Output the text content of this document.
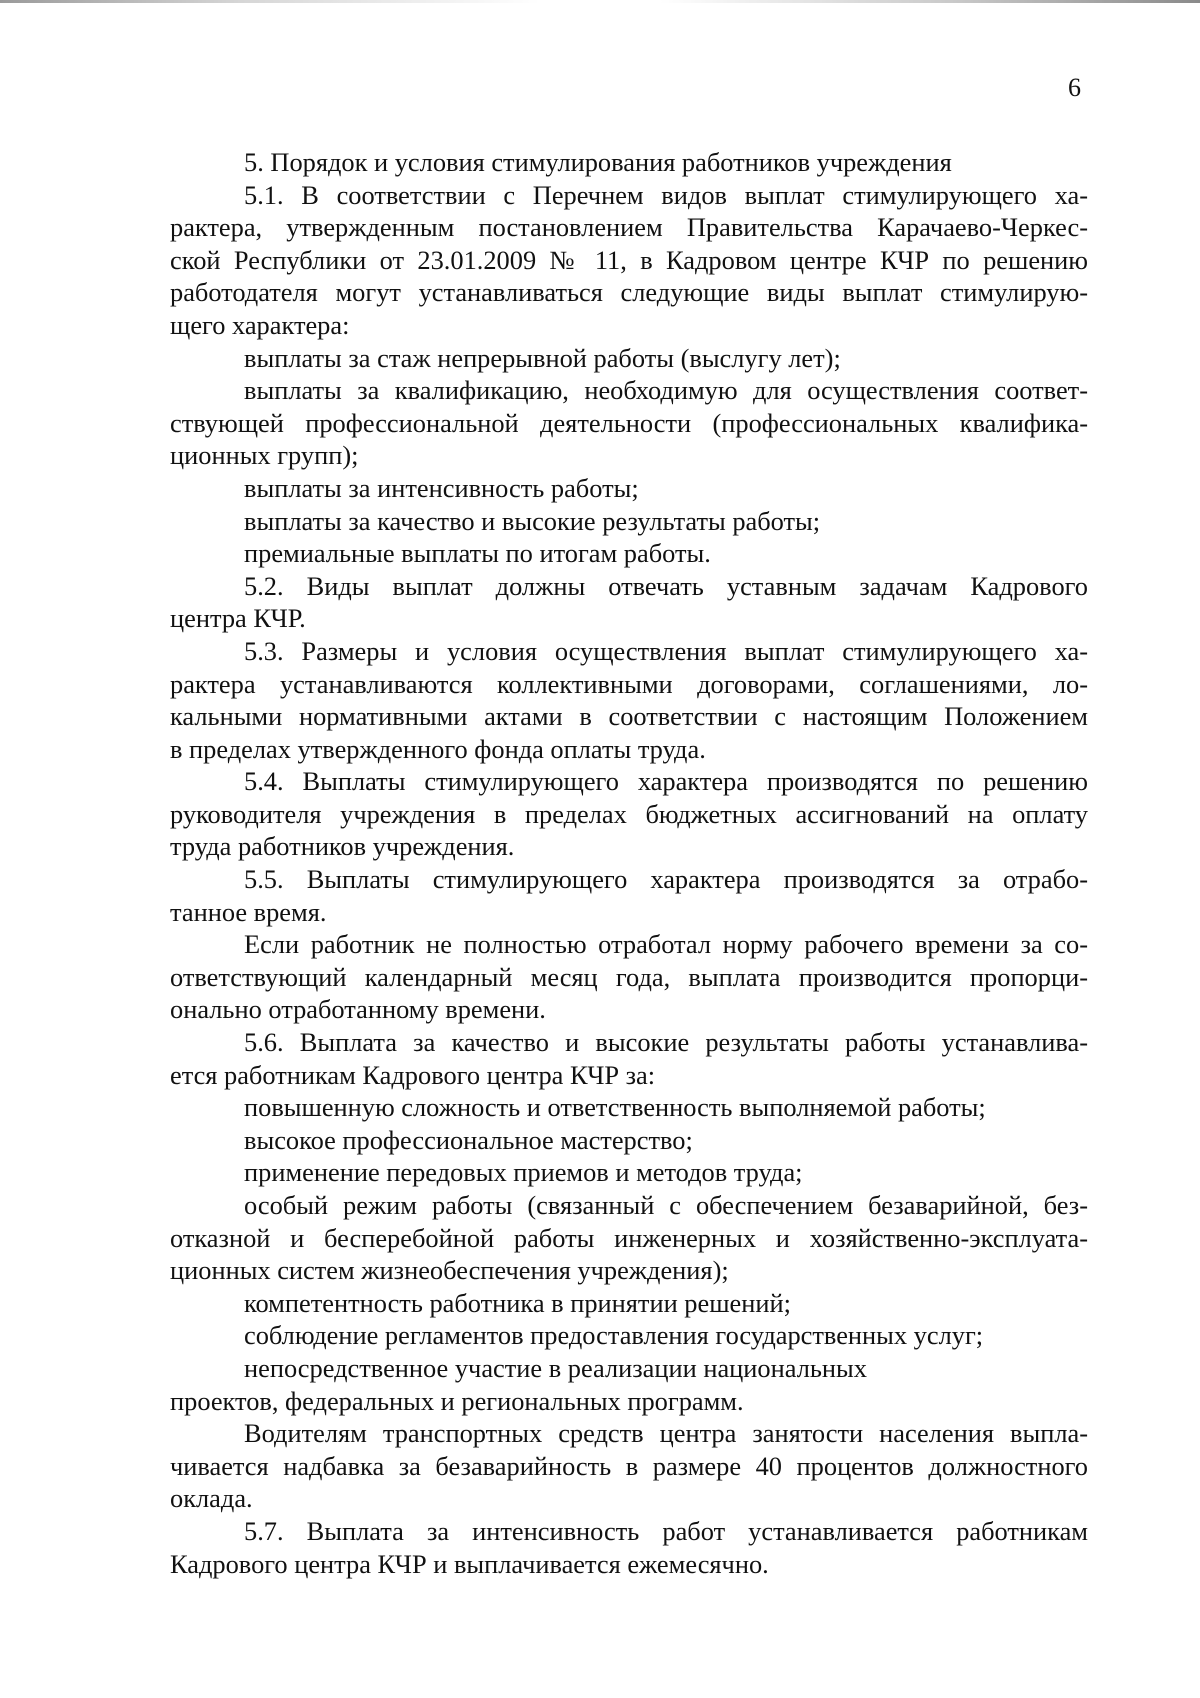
6
5. Порядок и условия стимулирования работников учреждения
5.1. В соответствии с Перечнем видов выплат стимулирующего ха-
рактера, утвержденным постановлением Правительства Карачаево-Черкес-
ской Республики от 23.01.2009 № 11, в Кадровом центре КЧР по решению
работодателя могут устанавливаться следующие виды выплат стимулирую-
щего характера:
выплаты за стаж непрерывной работы (выслугу лет);
выплаты за квалификацию, необходимую для осуществления соответ-
ствующей профессиональной деятельности (профессиональных квалифика-
ционных групп);
выплаты за интенсивность работы;
выплаты за качество и высокие результаты работы;
премиальные выплаты по итогам работы.
5.2. Виды выплат должны отвечать уставным задачам Кадрового
центра КЧР.
5.3. Размеры и условия осуществления выплат стимулирующего ха-
рактера устанавливаются коллективными договорами, соглашениями, ло-
кальными нормативными актами в соответствии с настоящим Положением
в пределах утвержденного фонда оплаты труда.
5.4. Выплаты стимулирующего характера производятся по решению
руководителя учреждения в пределах бюджетных ассигнований на оплату
труда работников учреждения.
5.5. Выплаты стимулирующего характера производятся за отрабо-
танное время.
Если работник не полностью отработал норму рабочего времени за со-
ответствующий календарный месяц года, выплата производится пропорци-
онально отработанному времени.
5.6. Выплата за качество и высокие результаты работы устанавлива-
ется работникам Кадрового центра КЧР за:
повышенную сложность и ответственность выполняемой работы;
высокое профессиональное мастерство;
применение передовых приемов и методов труда;
особый режим работы (связанный с обеспечением безаварийной, без-
отказной и бесперебойной работы инженерных и хозяйственно-эксплуата-
ционных систем жизнеобеспечения учреждения);
компетентность работника в принятии решений;
соблюдение регламентов предоставления государственных услуг;
непосредственное участие в реализации национальных
проектов, федеральных и региональных программ.
Водителям транспортных средств центра занятости населения выпла-
чивается надбавка за безаварийность в размере 40 процентов должностного
оклада.
5.7. Выплата за интенсивность работ устанавливается работникам
Кадрового центра КЧР и выплачивается ежемесячно.
